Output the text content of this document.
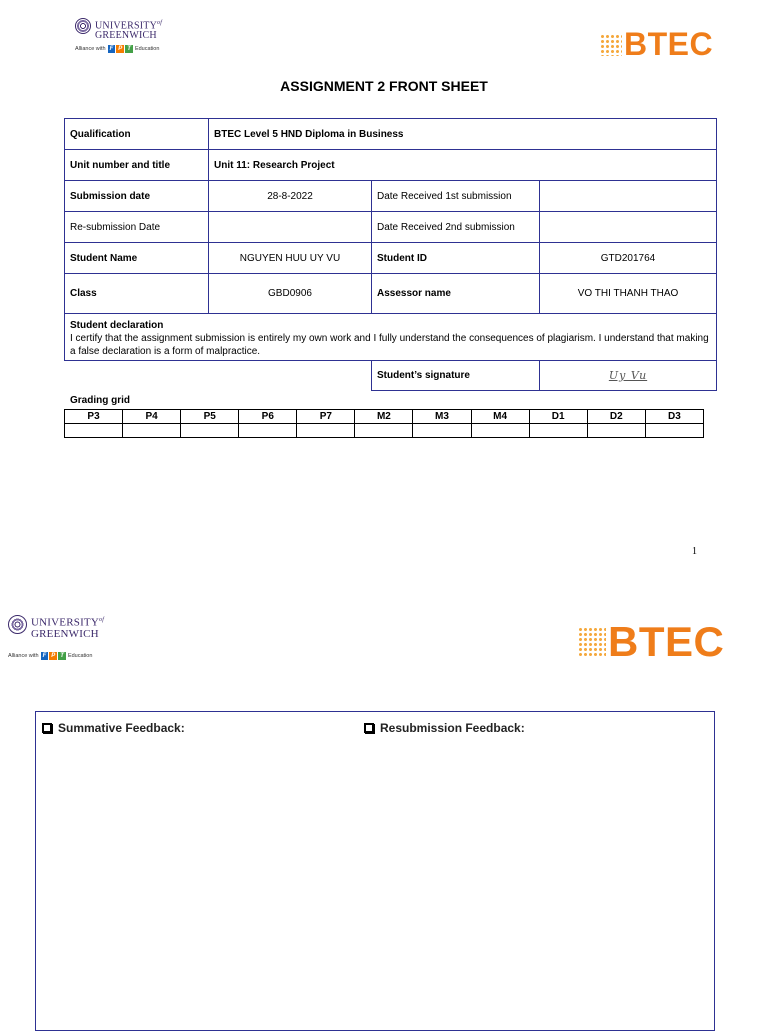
$UNIVERSITY^{of}$
GREENWICH
Alliance with F P T Education	BTEC
ASSIGNMENT 2 FRONT SHEET
Qualification	BTEC Level 5 HND Diploma in Business		
Unit number and title	Unit 11: Research Project		
Submission date	28-8-2022	Date Received 1st submission	
Re-submission Date		Date Received 2nd submission	
Student Name	NGUYEN HUU UY VU	Student ID	GTD201764
Class	GBD0906	Assessor name	VO THI THANH THAO

Student declaration
I certify that the assignment submission is entirely my own work and I fully understand the consequences of plagiarism. I understand that making a false declaration is a form of malpractice.			

		Student’s signature	Uy Vu
Grading grid
P3	P4	P5	P6	P7	M2	M3	M4	D1	D2	D3

1
$UNIVERSITY^{of}$
GREENWICH
Alliance with F P T Education	BTEC
Summative Feedback:	Resubmission Feedback:
